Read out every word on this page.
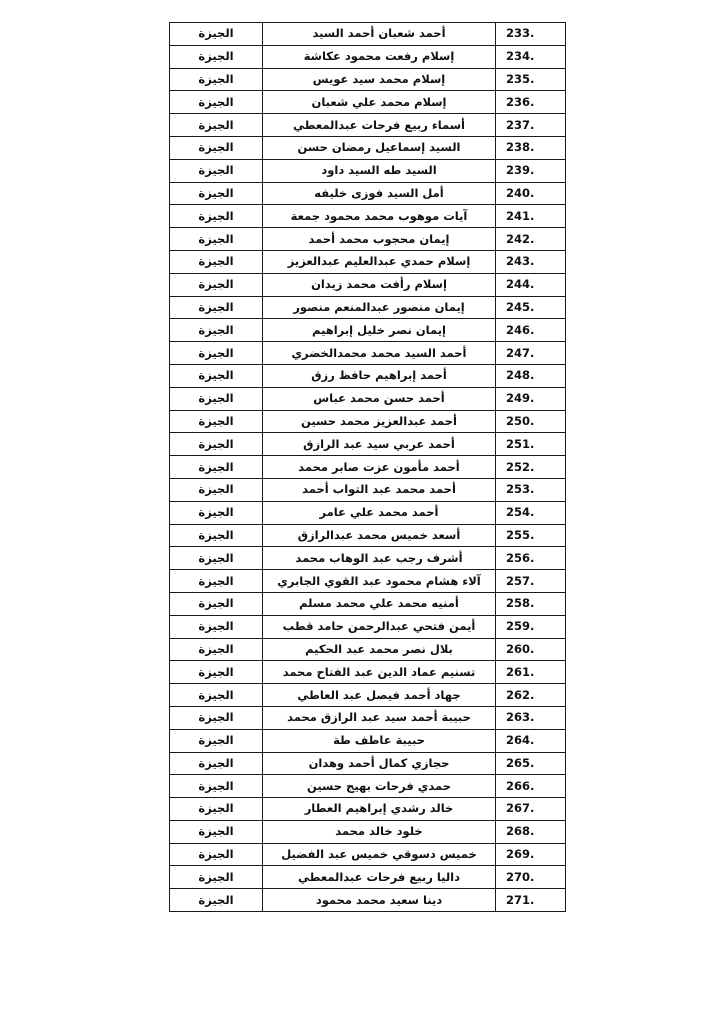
الجيزة	أحمد شعبان أحمد السيد	233.
الجيزة	إسلام رفعت محمود عكاشة	234.
الجيزة	إسلام محمد سيد عويس	235.
الجيزة	إسلام محمد علي شعبان	236.
الجيزة	أسماء ربيع فرحات عبدالمعطي	237.
الجيزة	السيد إسماعيل رمضان حسن	238.
الجيزة	السيد طه السيد داود	239.
الجيزة	أمل السيد فوزى خليفه	240.
الجيزة	آيات موهوب محمد محمود جمعة	241.
الجيزة	إيمان محجوب محمد أحمد	242.
الجيزة	إسلام حمدي عبدالعليم عبدالعزيز	243.
الجيزة	إسلام رأفت محمد زيدان	244.
الجيزة	إيمان منصور عبدالمنعم منصور	245.
الجيزة	إيمان نصر خليل إبراهيم	246.
الجيزة	أحمد السيد محمد محمدالخضري	247.
الجيزة	أحمد إبراهيم حافظ رزق	248.
الجيزة	أحمد حسن محمد عباس	249.
الجيزة	أحمد عبدالعزيز محمد حسين	250.
الجيزة	أحمد عربي سيد عبد الرازق	251.
الجيزة	أحمد مأمون عزت صابر محمد	252.
الجيزة	أحمد محمد عبد التواب أحمد	253.
الجيزة	أحمد محمد علي عامر	254.
الجيزة	أسعد خميس محمد عبدالرازق	255.
الجيزة	أشرف رجب عبد الوهاب محمد	256.
الجيزة	آلاء هشام محمود عبد القوي الجابري	257.
الجيزة	أمنيه محمد علي محمد مسلم	258.
الجيزة	أيمن فتحي عبدالرحمن حامد قطب	259.
الجيزة	بلال نصر محمد عبد الحكيم	260.
الجيزة	تسنيم عماد الدين عبد الفتاح محمد	261.
الجيزة	جهاد أحمد فيصل عبد العاطي	262.
الجيزة	حبيبة أحمد سيد عبد الرازق محمد	263.
الجيزة	حبيبة عاطف طة	264.
الجيزة	حجازي كمال أحمد وهدان	265.
الجيزة	حمدي فرحات بهيج حسين	266.
الجيزة	خالد رشدي إبراهيم العطار	267.
الجيزة	خلود خالد محمد	268.
الجيزة	خميس دسوقي خميس عبد الفضيل	269.
الجيزة	داليا ربيع فرحات عبدالمعطي	270.
الجيزة	دينا سعيد محمد محمود	271.
